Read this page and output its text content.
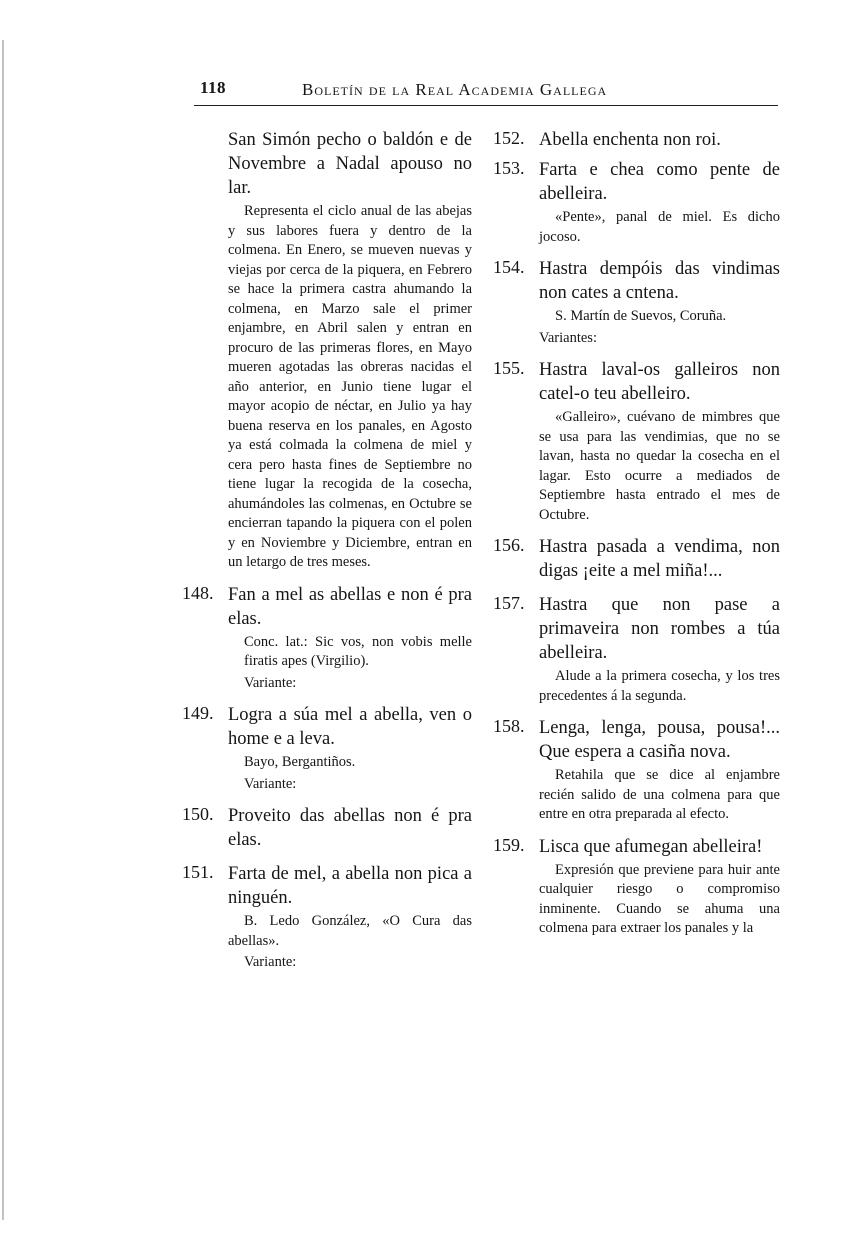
118	Boletín de la Real Academia Gallega
San Simón pecho o baldón e de Novembre a Nadal apouso no lar.
Representa el ciclo anual de las abejas y sus labores fuera y dentro de la colmena. En Enero, se mueven nuevas y viejas por cerca de la piquera, en Febrero se hace la primera castra ahumando la colmena, en Marzo sale el primer enjambre, en Abril salen y entran en procuro de las primeras flores, en Mayo mueren agotadas las obreras nacidas el año anterior, en Junio tiene lugar el mayor acopio de néctar, en Julio ya hay buena reserva en los panales, en Agosto ya está colmada la colmena de miel y cera pero hasta fines de Septiembre no tiene lugar la recogida de la cosecha, ahumándoles las colmenas, en Octubre se encierran tapando la piquera con el polen y en Noviembre y Diciembre, entran en un letargo de tres meses.
148. Fan a mel as abellas e non é pra elas.
Conc. lat.: Sic vos, non vobis melle firatis apes (Virgilio).
Variante:
149. Logra a súa mel a abella, ven o home e a leva.
Bayo, Bergantiños.
Variante:
150. Proveito das abellas non é pra elas.
151. Farta de mel, a abella non pica a ninguén.
B. Ledo González, «O Cura das abellas».
Variante:
152. Abella enchenta non roi.
153. Farta e chea como pente de abelleira.
«Pente», panal de miel. Es dicho jocoso.
154. Hastra dempóis das vindimas non cates a cntena.
S. Martín de Suevos, Coruña.
Variantes:
155. Hastra laval-os galleiros non catel-o teu abelleiro.
«Galleiro», cuévano de mimbres que se usa para las vendimias, que no se lavan, hasta no quedar la cosecha en el lagar. Esto ocurre a mediados de Septiembre hasta entrado el mes de Octubre.
156. Hastra pasada a vendima, non digas ¡eite a mel miña!...
157. Hastra que non pase a primaveira non rombes a túa abelleira.
Alude a la primera cosecha, y los tres precedentes á la segunda.
158. Lenga, lenga, pousa, pousa!... Que espera a casiña nova.
Retahila que se dice al enjambre recién salido de una colmena para que entre en otra preparada al efecto.
159. Lisca que afumegan abelleira!
Expresión que previene para huir ante cualquier riesgo o compromiso inminente. Cuando se ahuma una colmena para extraer los panales y la
